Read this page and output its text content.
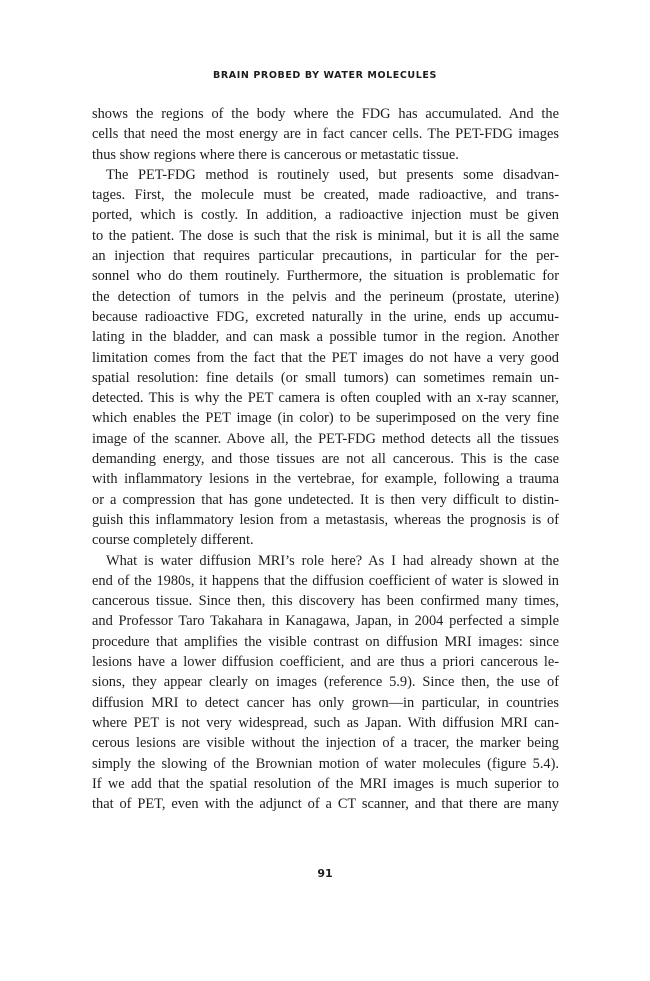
BRAIN PROBED BY WATER MOLECULES

shows the regions of the body where the FDG has accumulated. And the
cells that need the most energy are in fact cancer cells. The PET-FDG images
thus show regions where there is cancerous or metastatic tissue.

The PET-FDG method is routinely used, but presents some disadvan-
tages. First, the molecule must be created, made radioactive, and trans-
ported, which is costly. In addition, a radioactive injection must be given
to the patient. The dose is such that the risk is minimal, but it is all the same
an injection that requires particular precautions, in particular for the per-
sonnel who do them routinely. Furthermore, the situation is problematic for
the detection of tumors in the pelvis and the perineum (prostate, uterine)
because radioactive FDG, excreted naturally in the urine, ends up accumu-
lating in the bladder, and can mask a possible tumor in the region. Another
limitation comes from the fact that the PET images do not have a very good
spatial resolution: fine details (or small tumors) can sometimes remain un-
detected. This is why the PET camera is often coupled with an x-ray scanner,
which enables the PET image (in color) to be superimposed on the very fine
image of the scanner. Above all, the PET-FDG method detects all the tissues
demanding energy, and those tissues are not all cancerous. This is the case
with inflammatory lesions in the vertebrae, for example, following a trauma
or a compression that has gone undetected. It is then very difficult to distin-
guish this inflammatory lesion from a metastasis, whereas the prognosis is of
course completely different.

What is water diffusion MRI’s role here? As I had already shown at the
end of the 1980s, it happens that the diffusion coefficient of water is slowed in
cancerous tissue. Since then, this discovery has been confirmed many times,
and Professor Taro Takahara in Kanagawa, Japan, in 2004 perfected a simple
procedure that amplifies the visible contrast on diffusion MRI images: since
lesions have a lower diffusion coefficient, and are thus a priori cancerous le-
sions, they appear clearly on images (reference 5.9). Since then, the use of
diffusion MRI to detect cancer has only grown—in particular, in countries
where PET is not very widespread, such as Japan. With diffusion MRI can-
cerous lesions are visible without the injection of a tracer, the marker being
simply the slowing of the Brownian motion of water molecules (figure 5.4).
If we add that the spatial resolution of the MRI images is much superior to
that of PET, even with the adjunct of a CT scanner, and that there are many

91
